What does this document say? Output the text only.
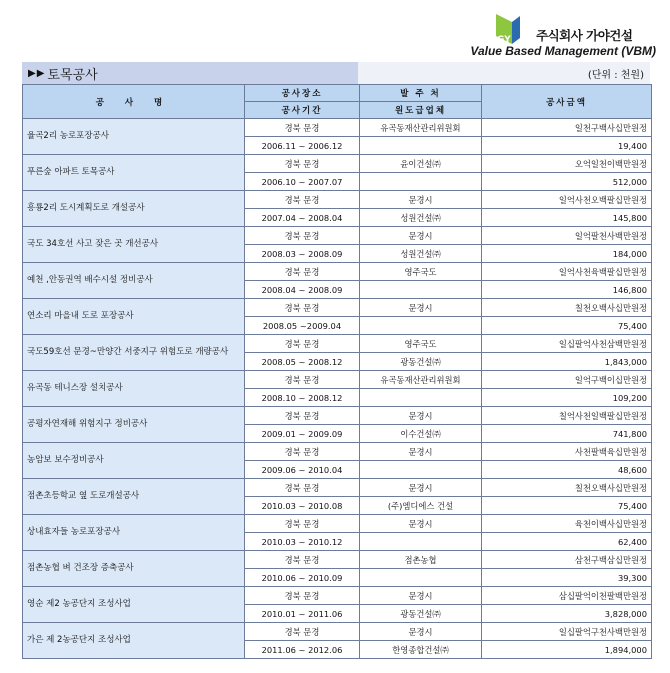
GY 주식회사 가야건설
Value Based Management (VBM)
▶▶ 토목공사	(단위 : 천원)
공 사 명	공사장소	발 주 처	공사금액
	공사기간	원도급업체	
율곡2리 농로포장공사	경북 문경	유곡동재산관리위원회	일천구백사십만원정
	2006.11 ~ 2006.12		19,400
푸른숲 아파트 토목공사	경북 문경	윤이건설㈜	오억일천이백만원정
	2006.10 ~ 2007.07		512,000
흥룡2리 도시계획도로 개설공사	경북 문경	문경시	일억사천오백팔십만원정
	2007.04 ~ 2008.04	성원건설㈜	145,800
국도 34호선 사고 잦은 곳 개선공사	경북 문경	문경시	일억팔천사백만원정
	2008.03 ~ 2008.09	성원건설㈜	184,000
예천 ,안동권역 배수시설 정비공사	경북 문경	영주국도	일억사천육백팔십만원정
	2008.04 ~ 2008.09		146,800
연소리 마을내 도로 포장공사	경북 문경	문경시	칠천오백사십만원정
	2008.05 ~2009.04		75,400
국도59호선 문경~만양간 서중지구 위험도로 개량공사	경북 문경	영주국도	일십팔억사천삼백만원정
	2008.05 ~ 2008.12	광동건설㈜	1,843,000
유곡동 테니스장 설치공사	경북 문경	유곡동재산관리위원회	일억구백이십만원정
	2008.10 ~ 2008.12		109,200
공평자연재해 위험지구 정비공사	경북 문경	문경시	칠억사천일백팔십만원정
	2009.01 ~ 2009.09	이수건설㈜	741,800
농암보 보수정비공사	경북 문경	문경시	사천팔백육십만원정
	2009.06 ~ 2010.04		48,600
점촌초등학교 옆 도로개설공사	경북 문경	문경시	칠천오백사십만원정
	2010.03 ~ 2010.08	(주)엠디에스 건설	75,400
상내효자들 농로포장공사	경북 문경	문경시	육천이백사십만원정
	2010.03 ~ 2010.12		62,400
점촌농협 벼 건조장 증축공사	경북 문경	점촌농협	삼천구백삼십만원정
	2010.06 ~ 2010.09		39,300
영순 제2 농공단지 조성사업	경북 문경	문경시	삼십팔억이천팔백만원정
	2010.01 ~ 2011.06	광동건설㈜	3,828,000
가은 제 2농공단지 조성사업	경북 문경	문경시	일십팔억구천사백만원정
	2011.06 ~ 2012.06	한영종합건설㈜	1,894,000
